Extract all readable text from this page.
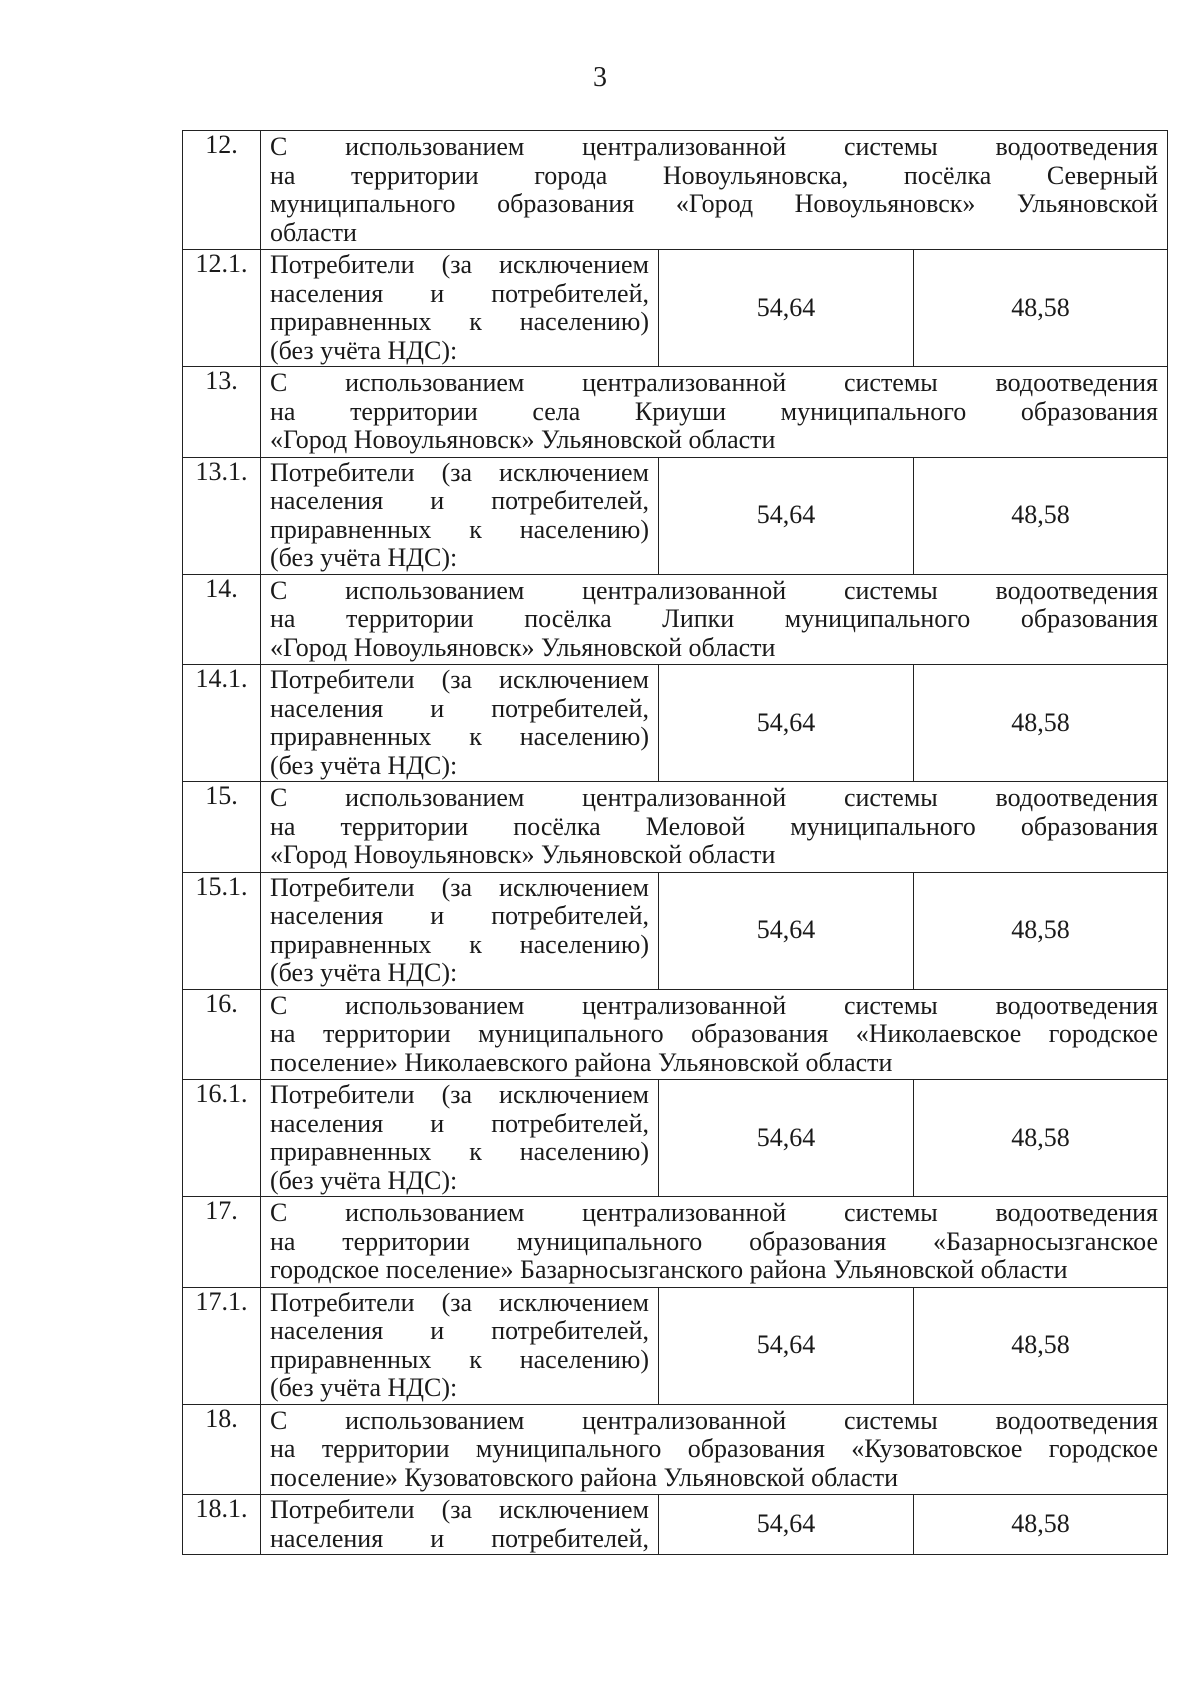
3
12.	С использованием централизованной системы водоотведения
на территории города Новоульяновска, посёлка Северный
муниципального образования «Город Новоульяновск» Ульяновской
области		

12.1.	Потребители (за исключением
населения и потребителей,
приравненных к населению)
(без учёта НДС):	54,64	48,58
13.	С использованием централизованной системы водоотведения
на территории села Криуши муниципального образования
«Город Новоульяновск» Ульяновской области		

13.1.	Потребители (за исключением
населения и потребителей,
приравненных к населению)
(без учёта НДС):	54,64	48,58
14.	С использованием централизованной системы водоотведения
на территории посёлка Липки муниципального образования
«Город Новоульяновск» Ульяновской области		

14.1.	Потребители (за исключением
населения и потребителей,
приравненных к населению)
(без учёта НДС):	54,64	48,58
15.	С использованием централизованной системы водоотведения
на территории посёлка Меловой муниципального образования
«Город Новоульяновск» Ульяновской области		

15.1.	Потребители (за исключением
населения и потребителей,
приравненных к населению)
(без учёта НДС):	54,64	48,58
16.	С использованием централизованной системы водоотведения
на территории муниципального образования «Николаевское городское
поселение» Николаевского района Ульяновской области		

16.1.	Потребители (за исключением
населения и потребителей,
приравненных к населению)
(без учёта НДС):	54,64	48,58
17.	С использованием централизованной системы водоотведения
на территории муниципального образования «Базарносызганское
городское поселение» Базарносызганского района Ульяновской области		

17.1.	Потребители (за исключением
населения и потребителей,
приравненных к населению)
(без учёта НДС):	54,64	48,58
18.	С использованием централизованной системы водоотведения
на территории муниципального образования «Кузоватовское городское
поселение» Кузоватовского района Ульяновской области		

18.1.	Потребители (за исключением
населения и потребителей,	54,64	48,58
